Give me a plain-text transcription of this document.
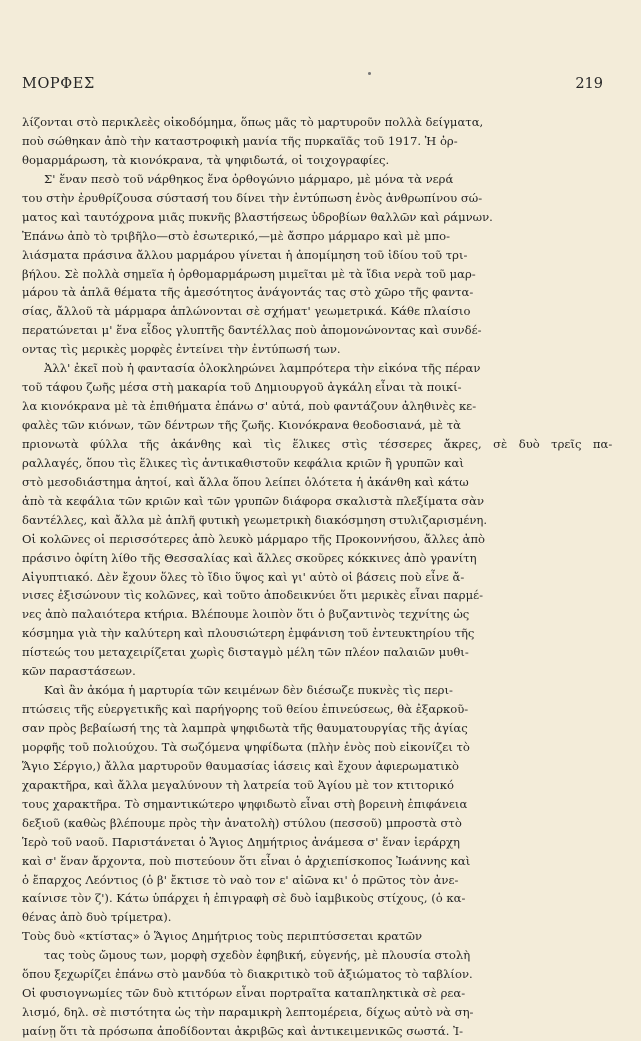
ΜΟΡΦΕΣ	219
λίζονται στὸ περικλεὲς οἰκοδόμημα, ὅπως μᾶς τὸ μαρτυροῦν πολλὰ δείγματα,
ποὺ σώθηκαν ἀπὸ τὴν καταστροφικὴ μανία τῆς πυρκαϊᾶς τοῦ 1917. Ἡ ὀρ-
θομαρμάρωση, τὰ κιονόκρανα, τὰ ψηφιδωτά, οἱ τοιχογραφίες.
Σ' ἕναν πεσὸ τοῦ νάρθηκος ἕνα ὀρθογώνιο μάρμαρο, μὲ μόνα τὰ νερά
του στὴν ἐρυθρίζουσα σύστασή του δίνει τὴν ἐντύπωση ἑνὸς ἀνθρωπίνου σώ-
ματος καὶ ταυτόχρονα μιᾶς πυκνῆς βλαστήσεως ὑδροβίων θαλλῶν καὶ ράμνων.
Ἐπάνω ἀπὸ τὸ τριβῆλο—στὸ ἐσωτερικό,—μὲ ἄσπρο μάρμαρο καὶ μὲ μπο-
λιάσματα πράσινα ἄλλου μαρμάρου γίνεται ἡ ἀπομίμηση τοῦ ἰδίου τοῦ τρι-
βήλου. Σὲ πολλὰ σημεῖα ἡ ὀρθομαρμάρωση μιμεῖται μὲ τὰ ἴδια νερὰ τοῦ μαρ-
μάρου τὰ ἁπλᾶ θέματα τῆς ἀμεσότητος ἀνάγοντάς τας στὸ χῶρο τῆς φαντα-
σίας, ἄλλοῦ τὰ μάρμαρα ἁπλώνονται σὲ σχήματ' γεωμετρικά. Κάθε πλαίσιο
περατώνεται μ' ἕνα εἶδος γλυπτῆς δαντέλλας ποὺ ἀπομονώνοντας καὶ συνδέ-
οντας τὶς μερικὲς μορφὲς ἐντείνει τὴν ἐντύπωσή των.
Ἀλλ' ἐκεῖ ποὺ ἡ φαντασία ὁλοκληρώνει λαμπρότερα τὴν εἰκόνα τῆς πέραν
τοῦ τάφου ζωῆς μέσα στὴ μακαρία τοῦ Δημιουργοῦ ἀγκάλη εἶναι τὰ ποικί-
λα κιονόκρανα μὲ τὰ ἐπιθήματα ἐπάνω σ' αὐτά, ποὺ φαντάζουν ἀληθινὲς κε-
φαλὲς τῶν κιόνων, τῶν δέντρων τῆς ζωῆς. Κιονόκρανα θεοδοσιανά, μὲ τὰ
πριονωτὰ φύλλα τῆς ἀκάνθης καὶ τὶς ἕλικες στὶς τέσσερες ἄκρες, σὲ δυὸ τρεῖς πα-
ραλλαγές, ὅπου τὶς ἕλικες τὶς ἀντικαθιστοῦν κεφάλια κριῶν ἢ γρυπῶν καὶ
στὸ μεσοδιάστημα ἀητοί, καὶ ἄλλα ὅπου λείπει ὁλότετα ἡ ἀκάνθη καὶ κάτω
ἀπὸ τὰ κεφάλια τῶν κριῶν καὶ τῶν γρυπῶν διάφορα σκαλιστὰ πλεξίματα σὰν
δαντέλλες, καὶ ἄλλα μὲ ἁπλῆ φυτικὴ γεωμετρικὴ διακόσμηση στυλιζαρισμένη.
Οἱ κολῶνες οἱ περισσότερες ἀπὸ λευκὸ μάρμαρο τῆς Προκοννήσου, ἄλλες ἀπὸ
πράσινο ὀφίτη λίθο τῆς Θεσσαλίας καὶ ἄλλες σκοῦρες κόκκινες ἀπὸ γρανίτη
Αἰγυπτιακό. Δὲν ἔχουν ὅλες τὸ ἴδιο ὕψος καὶ γι' αὐτὸ οἱ βάσεις ποὺ εἶνε ἄ-
νισες ἐξισώνουν τὶς κολῶνες, καὶ τοῦτο ἀποδεικνύει ὅτι μερικὲς εἶναι παρμέ-
νες ἀπὸ παλαιότερα κτήρια. Βλέπουμε λοιπὸν ὅτι ὁ βυζαντινὸς τεχνίτης ὡς
κόσμημα γιὰ τὴν καλύτερη καὶ πλουσιώτερη ἐμφάνιση τοῦ ἐντευκτηρίου τῆς
πίστεώς του μεταχειρίζεται χωρὶς δισταγμὸ μέλη τῶν πλέον παλαιῶν μυθι-
κῶν παραστάσεων.
Καὶ ἂν ἀκόμα ἡ μαρτυρία τῶν κειμένων δὲν διέσωζε πυκνὲς τὶς περι-
πτώσεις τῆς εὐεργετικῆς καὶ παρήγορης τοῦ θείου ἐπινεύσεως, θὰ ἐξαρκοῦ-
σαν πρὸς βεβαίωσή της τὰ λαμπρὰ ψηφιδωτὰ τῆς θαυματουργίας τῆς ἁγίας
μορφῆς τοῦ πολιούχου. Τὰ σωζόμενα ψηφίδωτα (πλὴν ἑνὸς ποὺ εἰκονίζει τὸ
Ἅγιο Σέργιο,) ἄλλα μαρτυροῦν θαυμασίας ἰάσεις καὶ ἔχουν ἀφιερωματικὸ
χαρακτῆρα, καὶ ἄλλα μεγαλύνουν τὴ λατρεία τοῦ Ἁγίου μὲ τον κτιτορικό
τους χαρακτῆρα. Τὸ σημαντικώτερο ψηφιδωτὸ εἶναι στὴ βορεινὴ ἐπιφάνεια
δεξιοῦ (καθὼς βλέπουμε πρὸς τὴν ἀνατολὴ) στύλου (πεσσοῦ) μπροστὰ στὸ
Ἱερὸ τοῦ ναοῦ. Παριστάνεται ὁ Ἅγιος Δημήτριος ἀνάμεσα σ' ἕναν ἱεράρχη
καὶ σ' ἕναν ἄρχοντα, ποὺ πιστεύουν ὅτι εἶναι ὁ ἀρχιεπίσκοπος Ἰωάννης καὶ
ὁ ἔπαρχος Λεόντιος (ὁ β' ἔκτισε τὸ ναὸ τον ε' αἰῶνα κι' ὁ πρῶτος τὸν ἀνε-
καίνισε τὸν ζ'). Κάτω ὑπάρχει ἡ ἐπιγραφὴ σὲ δυὸ ἰαμβικοὺς στίχους, (ὁ κα-
θένας ἀπὸ δυὸ τρίμετρα).
Τοὺς δυὸ «κτίστας» ὁ Ἅγιος Δημήτριος τοὺς περιπτύσσεται κρατῶν
τας τοὺς ὤμους των, μορφὴ σχεδὸν ἐφηβική, εὐγενής, μὲ πλουσία στολὴ
ὅπου ξεχωρίζει ἐπάνω στὸ μανδύα τὸ διακριτικὸ τοῦ ἀξιώματος τὸ ταβλίον.
Οἱ φυσιογνωμίες τῶν δυὸ κτιτόρων εἶναι πορτραῖτα καταπληκτικὰ σὲ ρεα-
λισμό, δηλ. σὲ πιστότητα ὡς τὴν παραμικρὴ λεπτομέρεια, δίχως αὐτὸ νὰ ση-
μαίνῃ ὅτι τὰ πρόσωπα ἀποδίδονται ἀκριβῶς καὶ ἀντικειμενικῶς σωστά. Ἰ-
